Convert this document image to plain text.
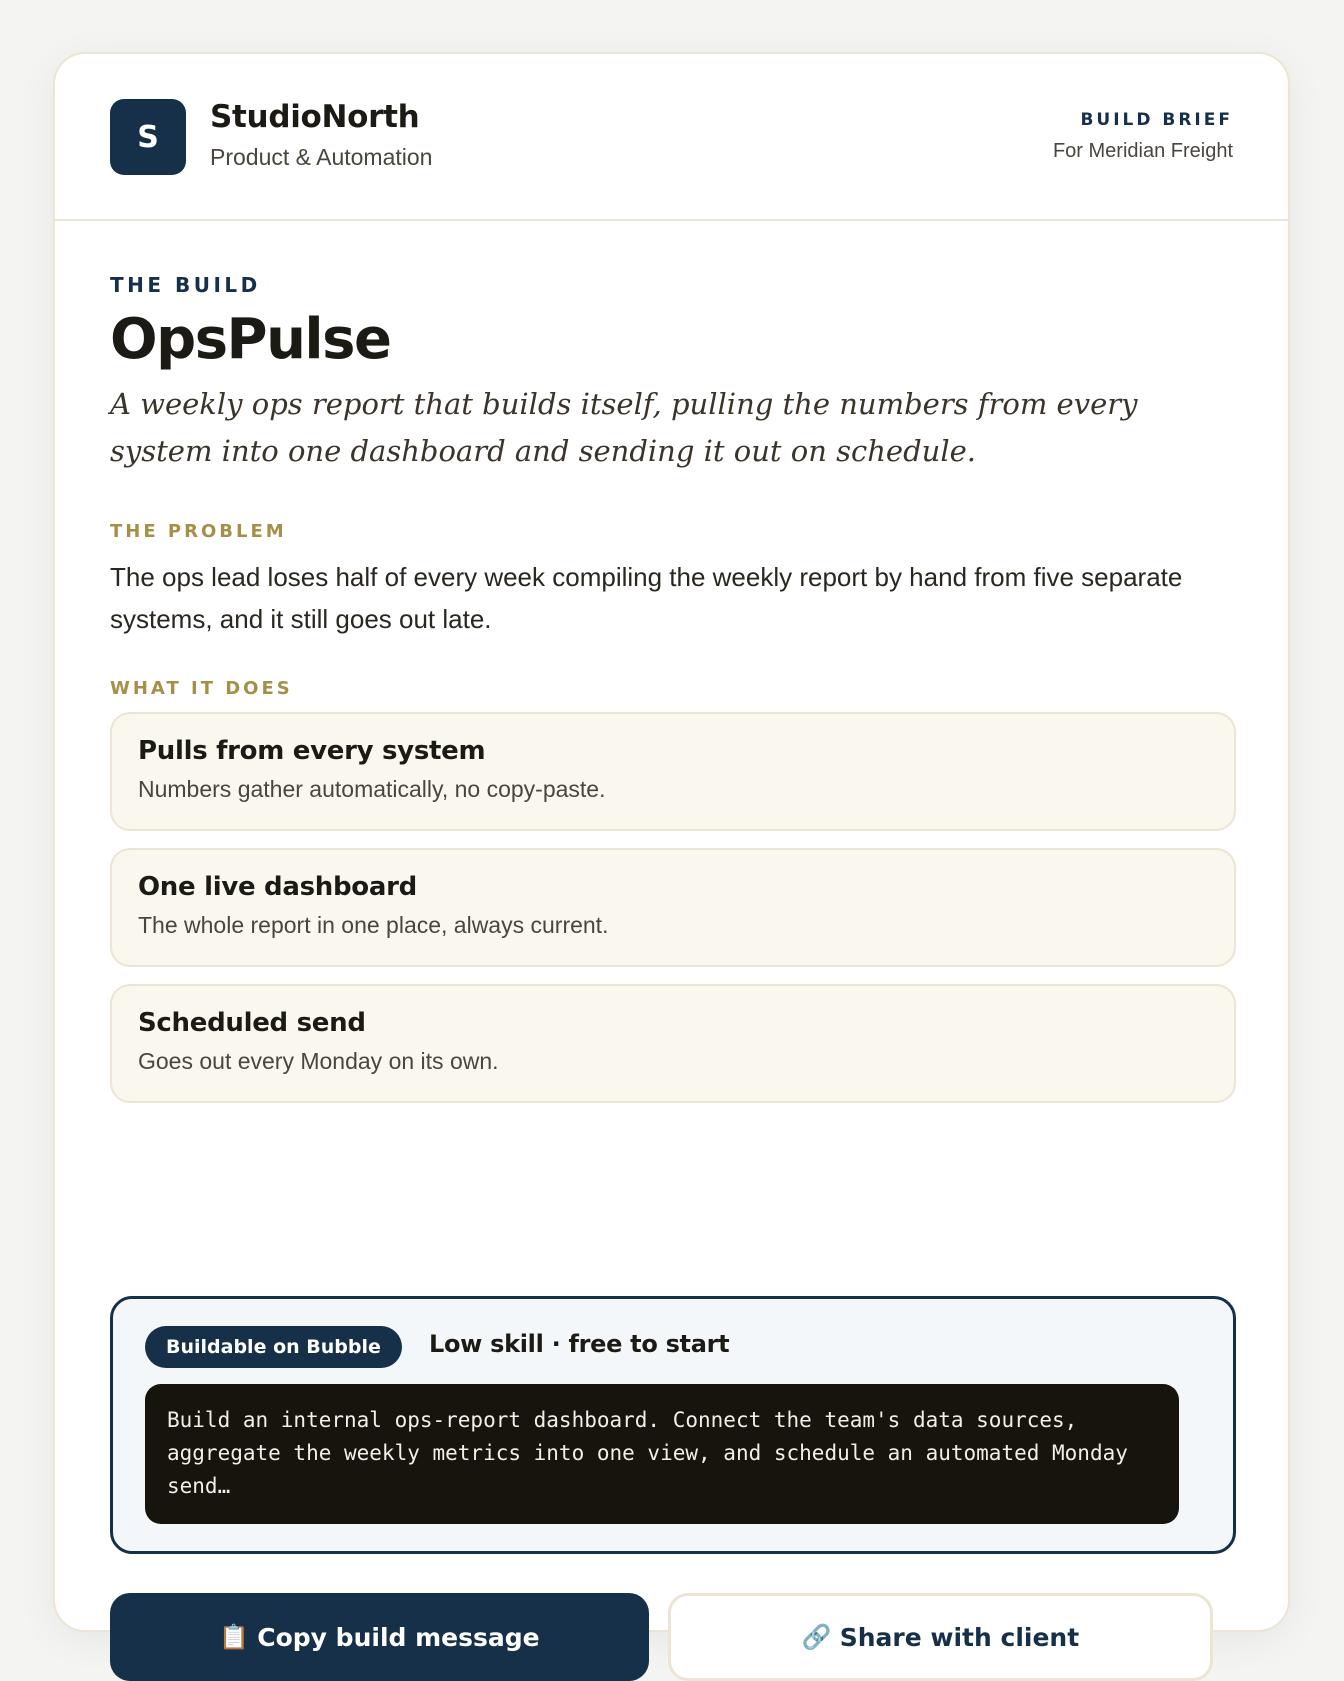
S
StudioNorth
Product & Automation
BUILD BRIEF
For Meridian Freight
THE BUILD
OpsPulse
A weekly ops report that builds itself, pulling the numbers from every system into one dashboard and sending it out on schedule.
THE PROBLEM
The ops lead loses half of every week compiling the weekly report by hand from five separate systems, and it still goes out late.
WHAT IT DOES
Pulls from every system
Numbers gather automatically, no copy-paste.
One live dashboard
The whole report in one place, always current.
Scheduled send
Goes out every Monday on its own.
Buildable on Bubble	Low skill · free to start
Build an internal ops-report dashboard. Connect the team's data sources, aggregate the weekly metrics into one view, and schedule an automated Monday send…
📋 Copy build message	🔗 Share with client
